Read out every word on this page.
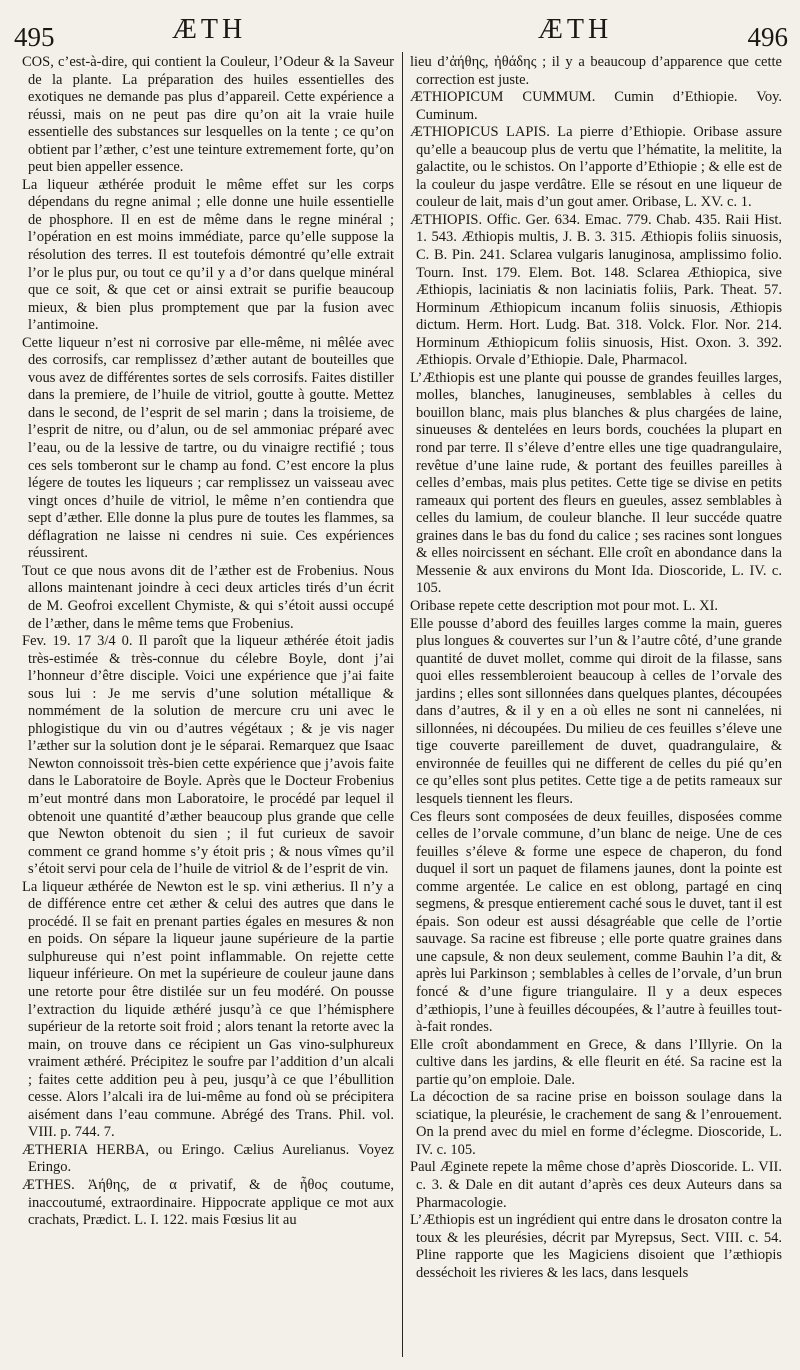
495	ÆTH	ÆTH	496

COS, c’est-à-dire, qui contient la Couleur, l’Odeur & la Saveur de la plante. La préparation des huiles essentielles des exotiques ne demande pas plus d’appareil. Cette expérience a réussi, mais on ne peut pas dire qu’on ait la vraie huile essentielle des substances sur lesquelles on la tente ; ce qu’on obtient par l’æther, c’est une teinture extremement forte, qu’on peut bien appeller essence.

La liqueur æthérée produit le même effet sur les corps dépendans du regne animal ; elle donne une huile essentielle de phosphore. Il en est de même dans le regne minéral ; l’opération en est moins immédiate, parce qu’elle suppose la résolution des terres. Il est toutefois démontré qu’elle extrait l’or le plus pur, ou tout ce qu’il y a d’or dans quelque minéral que ce soit, & que cet or ainsi extrait se purifie beaucoup mieux, & bien plus promptement que par la fusion avec l’antimoine.

Cette liqueur n’est ni corrosive par elle-même, ni mêlée avec des corrosifs, car remplissez d’æther autant de bouteilles que vous avez de différentes sortes de sels corrosifs. Faites distiller dans la premiere, de l’huile de vitriol, goutte à goutte. Mettez dans le second, de l’esprit de sel marin ; dans la troisieme, de l’esprit de nitre, ou d’alun, ou de sel ammoniac préparé avec l’eau, ou de la lessive de tartre, ou du vinaigre rectifié ; tous ces sels tomberont sur le champ au fond. C’est encore la plus légere de toutes les liqueurs ; car remplissez un vaisseau avec vingt onces d’huile de vitriol, le même n’en contiendra que sept d’æther. Elle donne la plus pure de toutes les flammes, sa déflagration ne laisse ni cendres ni suie. Ces expériences réussirent.

Tout ce que nous avons dit de l’æther est de Frobenius. Nous allons maintenant joindre à ceci deux articles tirés d’un écrit de M. Geofroi excellent Chymiste, & qui s’étoit aussi occupé de l’æther, dans le même tems que Frobenius.

Fev. 19. 17 3/4 0. Il paroît que la liqueur æthérée étoit jadis très-estimée & très-connue du célebre Boyle, dont j’ai l’honneur d’être disciple. Voici une expérience que j’ai faite sous lui : Je me servis d’une solution métallique & nommément de la solution de mercure cru uni avec le phlogistique du vin ou d’autres végétaux ; & je vis nager l’æther sur la solution dont je le séparai. Remarquez que Isaac Newton connoissoit très-bien cette expérience que j’avois faite dans le Laboratoire de Boyle. Après que le Docteur Frobenius m’eut montré dans mon Laboratoire, le procédé par lequel il obtenoit une quantité d’æther beaucoup plus grande que celle que Newton obtenoit du sien ; il fut curieux de savoir comment ce grand homme s’y étoit pris ; & nous vîmes qu’il s’étoit servi pour cela de l’huile de vitriol & de l’esprit de vin.

La liqueur æthérée de Newton est le sp. vini ætherius. Il n’y a de différence entre cet æther & celui des autres que dans le procédé. Il se fait en prenant parties égales en mesures & non en poids. On sépare la liqueur jaune supérieure de la partie sulphureuse qui n’est point inflammable. On rejette cette liqueur inférieure. On met la supérieure de couleur jaune dans une retorte pour être distilée sur un feu modéré. On pousse l’extraction du liquide æthéré jusqu’à ce que l’hémisphere supérieur de la retorte soit froid ; alors tenant la retorte avec la main, on trouve dans ce récipient un Gas vino-sulphureux vraiment æthéré. Précipitez le soufre par l’addition d’un alcali ; faites cette addition peu à peu, jusqu’à ce que l’ébullition cesse. Alors l’alcali ira de lui-même au fond où se précipitera aisément dans l’eau commune. Abrégé des Trans. Phil. vol. VIII. p. 744. 7.

ÆTHERIA HERBA, ou Eringo. Cælius Aurelianus. Voyez Eringo.

ÆTHES. Ἀήθης, de α privatif, & de ἦθος coutume, inaccoutumé, extraordinaire. Hippocrate applique ce mot aux crachats, Prædict. L. I. 122. mais Fœsius lit au

lieu d’ἀήθης, ἠθάδης ; il y a beaucoup d’apparence que cette correction est juste.

ÆTHIOPICUM CUMMUM. Cumin d’Ethiopie. Voy. Cuminum.

ÆTHIOPICUS LAPIS. La pierre d’Ethiopie. Oribase assure qu’elle a beaucoup plus de vertu que l’hématite, la melitite, la galactite, ou le schistos. On l’apporte d’Ethiopie ; & elle est de la couleur du jaspe verdâtre. Elle se résout en une liqueur de couleur de lait, mais d’un gout amer. Oribase, L. XV. c. 1.

ÆTHIOPIS. Offic. Ger. 634. Emac. 779. Chab. 435. Raii Hist. 1. 543. Æthiopis multis, J. B. 3. 315. Æthiopis foliis sinuosis, C. B. Pin. 241. Sclarea vulgaris lanuginosa, amplissimo folio. Tourn. Inst. 179. Elem. Bot. 148. Sclarea Æthiopica, sive Æthiopis, laciniatis & non laciniatis foliis, Park. Theat. 57. Horminum Æthiopicum incanum foliis sinuosis, Æthiopis dictum. Herm. Hort. Ludg. Bat. 318. Volck. Flor. Nor. 214. Horminum Æthiopicum foliis sinuosis, Hist. Oxon. 3. 392. Æthiopis. Orvale d’Ethiopie. Dale, Pharmacol.

L’Æthiopis est une plante qui pousse de grandes feuilles larges, molles, blanches, lanugineuses, semblables à celles du bouillon blanc, mais plus blanches & plus chargées de laine, sinueuses & dentelées en leurs bords, couchées la plupart en rond par terre. Il s’éleve d’entre elles une tige quadrangulaire, revêtue d’une laine rude, & portant des feuilles pareilles à celles d’embas, mais plus petites. Cette tige se divise en petits rameaux qui portent des fleurs en gueules, assez semblables à celles du lamium, de couleur blanche. Il leur succéde quatre graines dans le bas du fond du calice ; ses racines sont longues & elles noircissent en séchant. Elle croît en abondance dans la Messenie & aux environs du Mont Ida. Dioscoride, L. IV. c. 105.

Oribase repete cette description mot pour mot. L. XI.

Elle pousse d’abord des feuilles larges comme la main, gueres plus longues & couvertes sur l’un & l’autre côté, d’une grande quantité de duvet mollet, comme qui diroit de la filasse, sans quoi elles ressembleroient beaucoup à celles de l’orvale des jardins ; elles sont sillonnées dans quelques plantes, découpées dans d’autres, & il y en a où elles ne sont ni cannelées, ni sillonnées, ni découpées. Du milieu de ces feuilles s’éleve une tige couverte pareillement de duvet, quadrangulaire, & environnée de feuilles qui ne different de celles du pié qu’en ce qu’elles sont plus petites. Cette tige a de petits rameaux sur lesquels tiennent les fleurs.

Ces fleurs sont composées de deux feuilles, disposées comme celles de l’orvale commune, d’un blanc de neige. Une de ces feuilles s’éleve & forme une espece de chaperon, du fond duquel il sort un paquet de filamens jaunes, dont la pointe est comme argentée. Le calice en est oblong, partagé en cinq segmens, & presque entierement caché sous le duvet, tant il est épais. Son odeur est aussi désagréable que celle de l’ortie sauvage. Sa racine est fibreuse ; elle porte quatre graines dans une capsule, & non deux seulement, comme Bauhin l’a dit, & après lui Parkinson ; semblables à celles de l’orvale, d’un brun foncé & d’une figure triangulaire. Il y a deux especes d’æthiopis, l’une à feuilles découpées, & l’autre à feuilles tout-à-fait rondes.

Elle croît abondamment en Grece, & dans l’Illyrie. On la cultive dans les jardins, & elle fleurit en été. Sa racine est la partie qu’on emploie. Dale.

La décoction de sa racine prise en boisson soulage dans la sciatique, la pleurésie, le crachement de sang & l’enrouement. On la prend avec du miel en forme d’éclegme. Dioscoride, L. IV. c. 105.

Paul Æginete repete la même chose d’après Dioscoride. L. VII. c. 3. & Dale en dit autant d’après ces deux Auteurs dans sa Pharmacologie.

L’Æthiopis est un ingrédient qui entre dans le drosaton contre la toux & les pleurésies, décrit par Myrepsus, Sect. VIII. c. 54. Pline rapporte que les Magiciens disoient que l’æthiopis desséchoit les rivieres & les lacs, dans lesquels
